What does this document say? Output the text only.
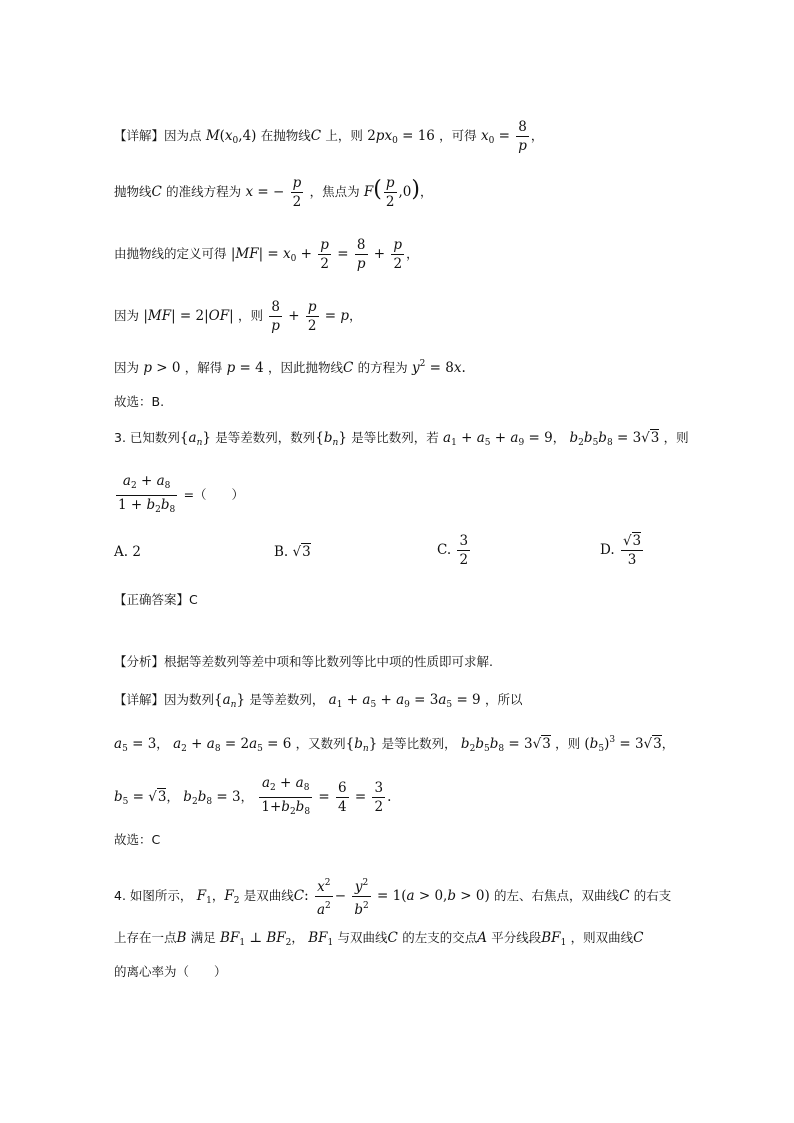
【详解】因为点 $M(x_0,4)$ 在抛物线C 上，则 $2px_0 = 16$ ，可得 $x_0 = \frac{8}{p}$ ，
抛物线C 的准线方程为 x = − $\frac{p}{2}$ ，焦点为 $F( \frac{p}{2} ,0)$，
由抛物线的定义可得 $|MF| = x_0 + \frac{p}{2} = \frac{8}{p} + \frac{p}{2}$ ，
因为 |MF| = 2|OF| ，则 $\frac{8}{p} + \frac{p}{2} = p$，
因为 p > 0 ，解得 p = 4 ，因此抛物线C 的方程为 $y^2 = 8x$.
故选：B.
3. 已知数列$\{a_n\}$ 是等差数列，数列$\{b_n\}$ 是等比数列，若 $a_1 + a_5 + a_9 = 9$， $b_2b_5b_8 = 3√3$ ，则
$\frac{a_2 + a_8}{1 + b_2b_8}$ =（　　）
A. 2	B. √3	C. $\frac{3}{2}$	D. $\frac{√3}{3}$
【正确答案】C
【分析】根据等差数列等差中项和等比数列等比中项的性质即可求解.
【详解】因为数列$\{a_n\}$ 是等差数列， $a_1 + a_5 + a_9 = 3a_5 = 9$ ，所以
$a_5 = 3$， $a_2 + a_8 = 2a_5 = 6$ ，又数列$\{b_n\}$ 是等比数列， $b_2b_5b_8 = 3√3$ ，则 $(b_5)^3 = 3√3$，
$b_5 = √3$， $b_2b_8 = 3$， $\frac{a_2 + a_8}{1+b_2b_8} = \frac{6}{4} = \frac{3}{2}$ .
故选：C
4. 如图所示， $F_1$，$F_2$ 是双曲线C: $\frac{x^2}{a^2} - \frac{y^2}{b^2} = 1(a > 0,b > 0)$ 的左、右焦点，双曲线C 的右支
上存在一点B 满足 $BF_1$ ⊥ $BF_2$， $BF_1$ 与双曲线C 的左支的交点A 平分线段$BF_1$ ，则双曲线C
的离心率为（　　）
